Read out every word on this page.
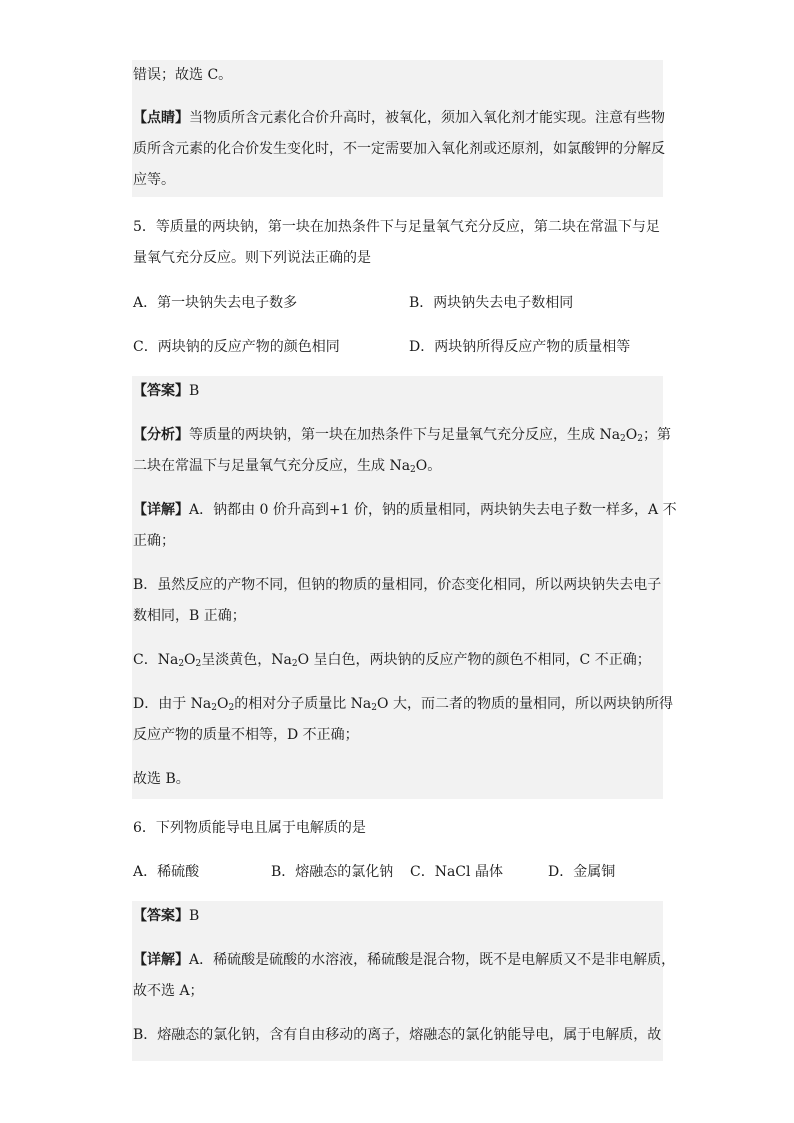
错误；故选 C。
【点睛】当物质所含元素化合价升高时，被氧化，须加入氧化剂才能实现。注意有些物
质所含元素的化合价发生变化时，不一定需要加入氧化剂或还原剂，如氯酸钾的分解反
应等。
5．等质量的两块钠，第一块在加热条件下与足量氧气充分反应，第二块在常温下与足
量氧气充分反应。则下列说法正确的是
A．第一块钠失去电子数多	B．两块钠失去电子数相同
C．两块钠的反应产物的颜色相同	D．两块钠所得反应产物的质量相等
【答案】B
【分析】等质量的两块钠，第一块在加热条件下与足量氧气充分反应，生成 $Na_2O_2$；第
二块在常温下与足量氧气充分反应，生成 $Na_2O$。
【详解】A．钠都由 0 价升高到+1 价，钠的质量相同，两块钠失去电子数一样多，A 不
正确；
B．虽然反应的产物不同，但钠的物质的量相同，价态变化相同，所以两块钠失去电子
数相同，B 正确；
C．$Na_2O_2$呈淡黄色，$Na_2O$ 呈白色，两块钠的反应产物的颜色不相同，C 不正确；
D．由于 $Na_2O_2$的相对分子质量比 $Na_2O$ 大，而二者的物质的量相同，所以两块钠所得
反应产物的质量不相等，D 不正确；
故选 B。
6．下列物质能导电且属于电解质的是
A．稀硫酸	B．熔融态的氯化钠 C．NaCl 晶体	D．金属铜
【答案】B
【详解】A．稀硫酸是硫酸的水溶液，稀硫酸是混合物，既不是电解质又不是非电解质，
故不选 A；
B．熔融态的氯化钠，含有自由移动的离子，熔融态的氯化钠能导电，属于电解质，故
